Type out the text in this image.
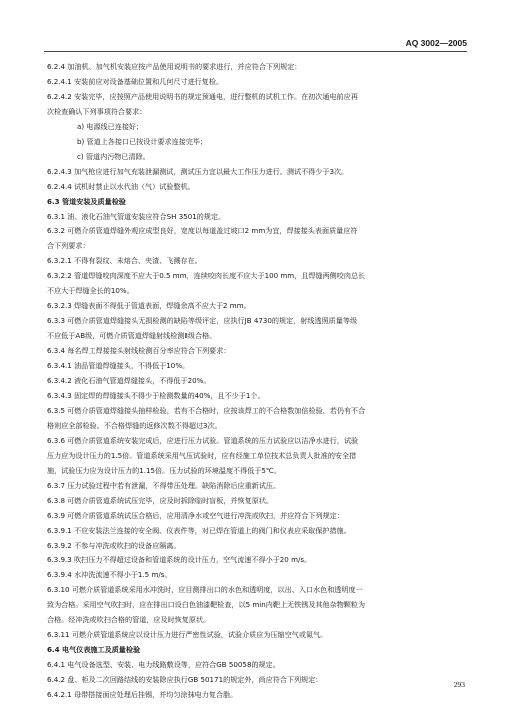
AQ 3002—2005
6.2.4 加油机、加气机安装应按产品使用说明书的要求进行，并应符合下列规定：
6.2.4.1 安装前应对设备基础位置和几何尺寸进行复检。
6.2.4.2 安装完毕，应按照产品使用说明书的规定预通电，进行整机的试机工作。在初次通电前应再
次检查确认下列事项符合要求：
a) 电源线已连接好；
b) 管道上各接口已按设计要求连接完毕；
c) 管道内污物已清除。
6.2.4.3 加气枪应进行加气充装泄漏测试，测试压力宜以最大工作压力进行。测试不得少于3次。
6.2.4.4 试机时禁止以水代油（气）试验整机。
6.3 管道安装及质量检验
6.3.1 油、液化石油气管道安装应符合SH 3501的规定。
6.3.2 可燃介质管道焊缝外观应成型良好，宽度以每道盖过坡口2 mm为宜，焊接接头表面质量应符
合下列要求：
6.3.2.1 不得有裂纹、未熔合、夹渣、飞溅存在。
6.3.2.2 管道焊缝咬肉深度不应大于0.5 mm，连续咬肉长度不应大于100 mm，且焊缝两侧咬肉总长
不应大于焊缝全长的10%。
6.3.2.3 焊缝表面不得低于管道表面，焊缝余高不应大于2 mm。
6.3.3 可燃介质管道焊缝接头无损检测的缺陷等级评定，应执行JB 4730的规定，射线透照质量等级
不应低于AB级，可燃介质管道焊缝射线检测Ⅱ级合格。
6.3.4 每名焊工焊接接头射线检测百分率应符合下列要求：
6.3.4.1 油品管道焊缝接头，不得低于10%。
6.3.4.2 液化石油气管道焊缝接头，不得低于20%。
6.3.4.3 固定焊的焊缝接头不得少于检测数量的40%，且不少于1个。
6.3.5 可燃介质管道焊缝接头抽样检验，若有不合格时，应按该焊工的不合格数加倍检验，若仍有不合
格则应全部检验。不合格焊缝的返修次数不得超过3次。
6.3.6 可燃介质管道系统安装完成后，应进行压力试验。管道系统的压力试验应以洁净水进行，试验
压力应为设计压力的1.5倍。管道系统采用气压试验时，应有经施工单位技术总负责人批准的安全措
施，试验压力应为设计压力的1.15倍。压力试验的环境温度不得低于5℃。
6.3.7 压力试验过程中若有泄漏，不得带压处理。缺陷消除后应重新试压。
6.3.8 可燃介质管道系统试压完毕，应及时拆除临时盲板，并恢复原状。
6.3.9 可燃介质管道系统试压合格后，应用清净水或空气进行冲洗或吹扫，并应符合下列规定：
6.3.9.1 不应安装法兰连接的安全阀、仪表件等，对已焊在管道上的阀门和仪表应采取保护措施。
6.3.9.2 不参与冲洗或吹扫的设备应隔离。
6.3.9.3 吹扫压力不得超过设备和管道系统的设计压力，空气流速不得小于20 m/s。
6.3.9.4 水冲洗流速不得小于1.5 m/s。
6.3.10 可燃介质管道系统采用水冲洗时，应目测排出口的水色和透明度，以出、入口水色和透明度一
致为合格。采用空气吹扫时，应在排出口设白色油漆靶检查，以5 min内靶上无铁锈及其他杂物颗粒为
合格。经冲洗或吹扫合格的管道，应及时恢复原状。
6.3.11 可燃介质管道系统应以设计压力进行严密性试验，试验介质应为压缩空气或氮气。
6.4 电气仪表施工及质量检验
6.4.1 电气设备选型、安装、电力线路敷设等，应符合GB 50058的规定。
6.4.2 盘、柜及二次回路结线的安装除应执行GB 50171的规定外，尚应符合下列规定：
6.4.2.1 母带搭接面应处理后挂锡，并均匀涂抹电力复合脂。
293
